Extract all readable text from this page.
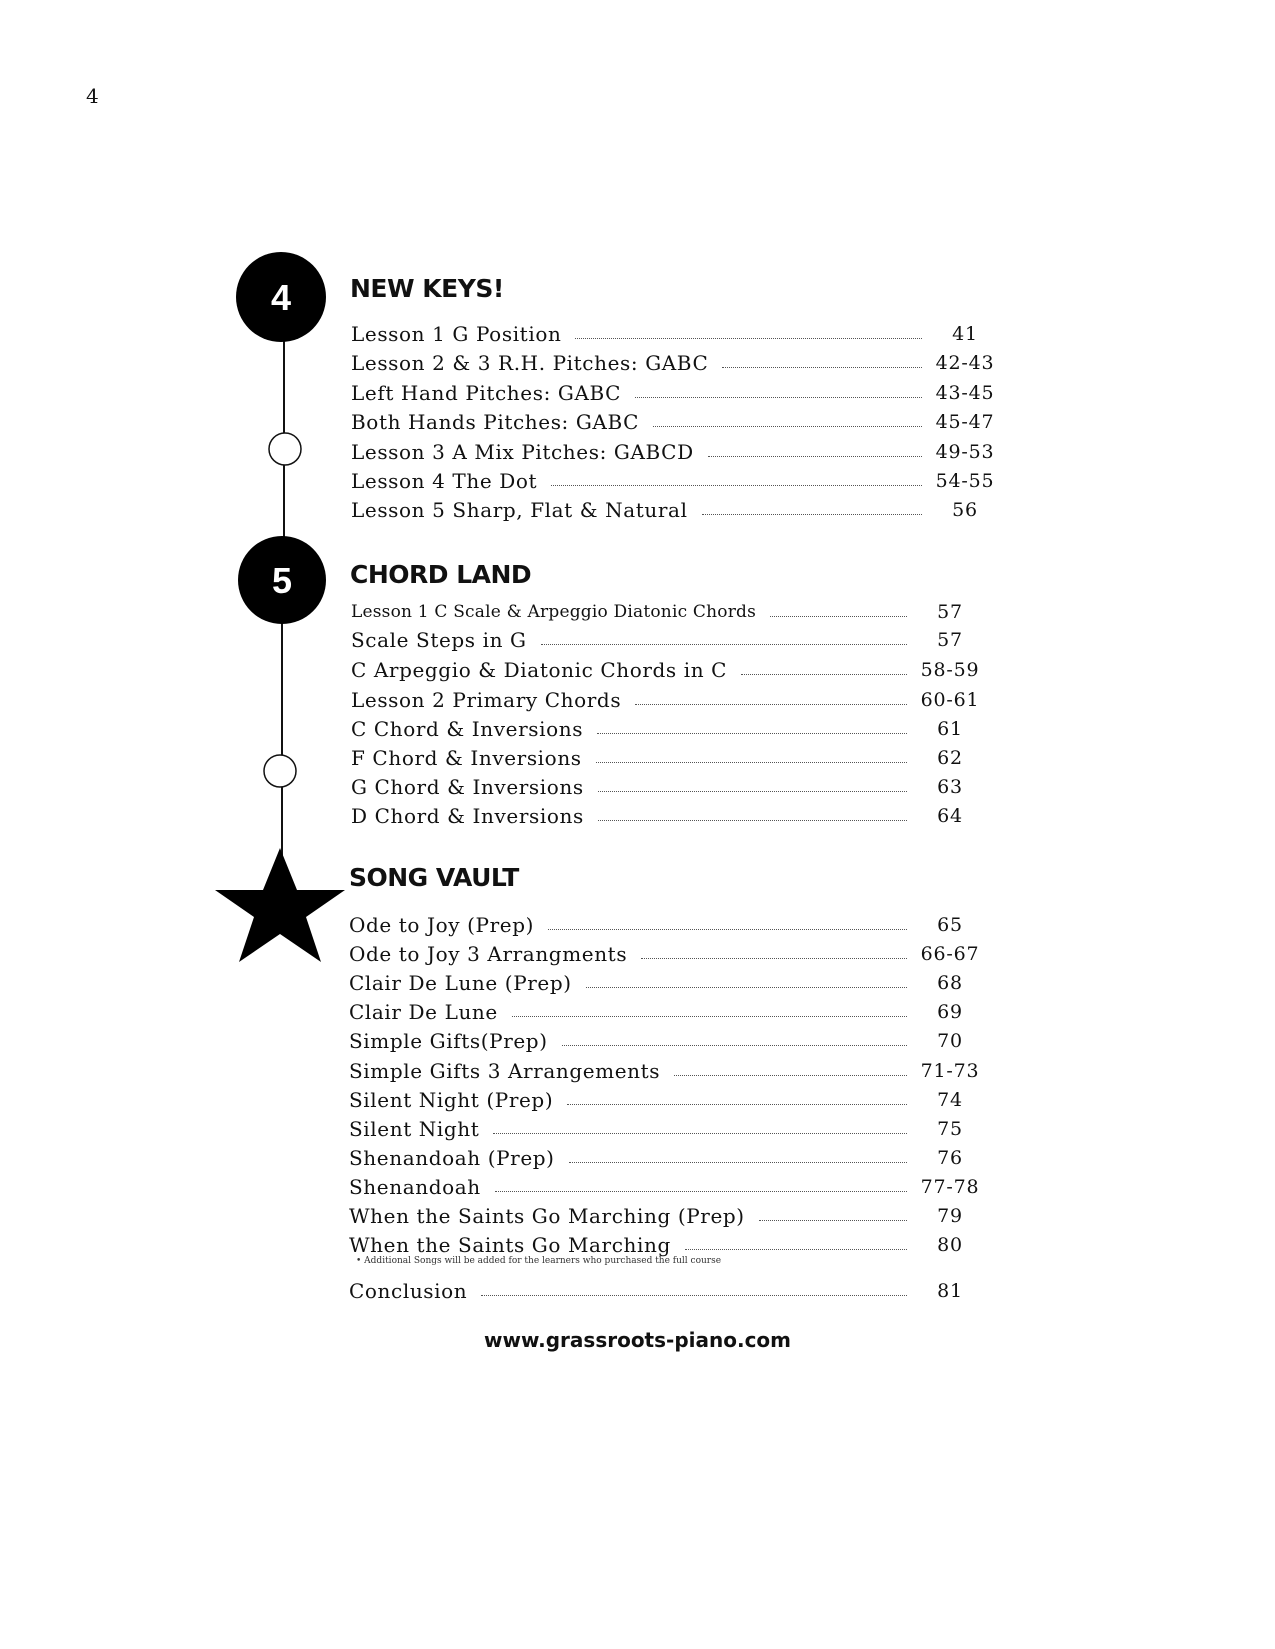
4
4
5
NEW KEYS!
Lesson 1 G Position	41
Lesson 2 & 3 R.H. Pitches: GABC	42-43
Left Hand Pitches: GABC	43-45
Both Hands Pitches: GABC	45-47
Lesson 3 A Mix Pitches: GABCD	49-53
Lesson 4 The Dot	54-55
Lesson 5 Sharp, Flat & Natural	56
CHORD LAND
Lesson 1 C Scale & Arpeggio Diatonic Chords	57
Scale Steps in G	57
C Arpeggio & Diatonic Chords in C	58-59
Lesson 2 Primary Chords	60-61
C Chord & Inversions	61
F Chord & Inversions	62
G Chord & Inversions	63
D Chord & Inversions	64
SONG VAULT
Ode to Joy (Prep)	65
Ode to Joy 3 Arrangments	66-67
Clair De Lune (Prep)	68
Clair De Lune	69
Simple Gifts(Prep)	70
Simple Gifts 3 Arrangements	71-73
Silent Night (Prep)	74
Silent Night	75
Shenandoah (Prep)	76
Shenandoah	77-78
When the Saints Go Marching (Prep)	79
When the Saints Go Marching	80
Conclusion	81
• Additional Songs will be added for the learners who purchased the full course
www.grassroots-piano.com
